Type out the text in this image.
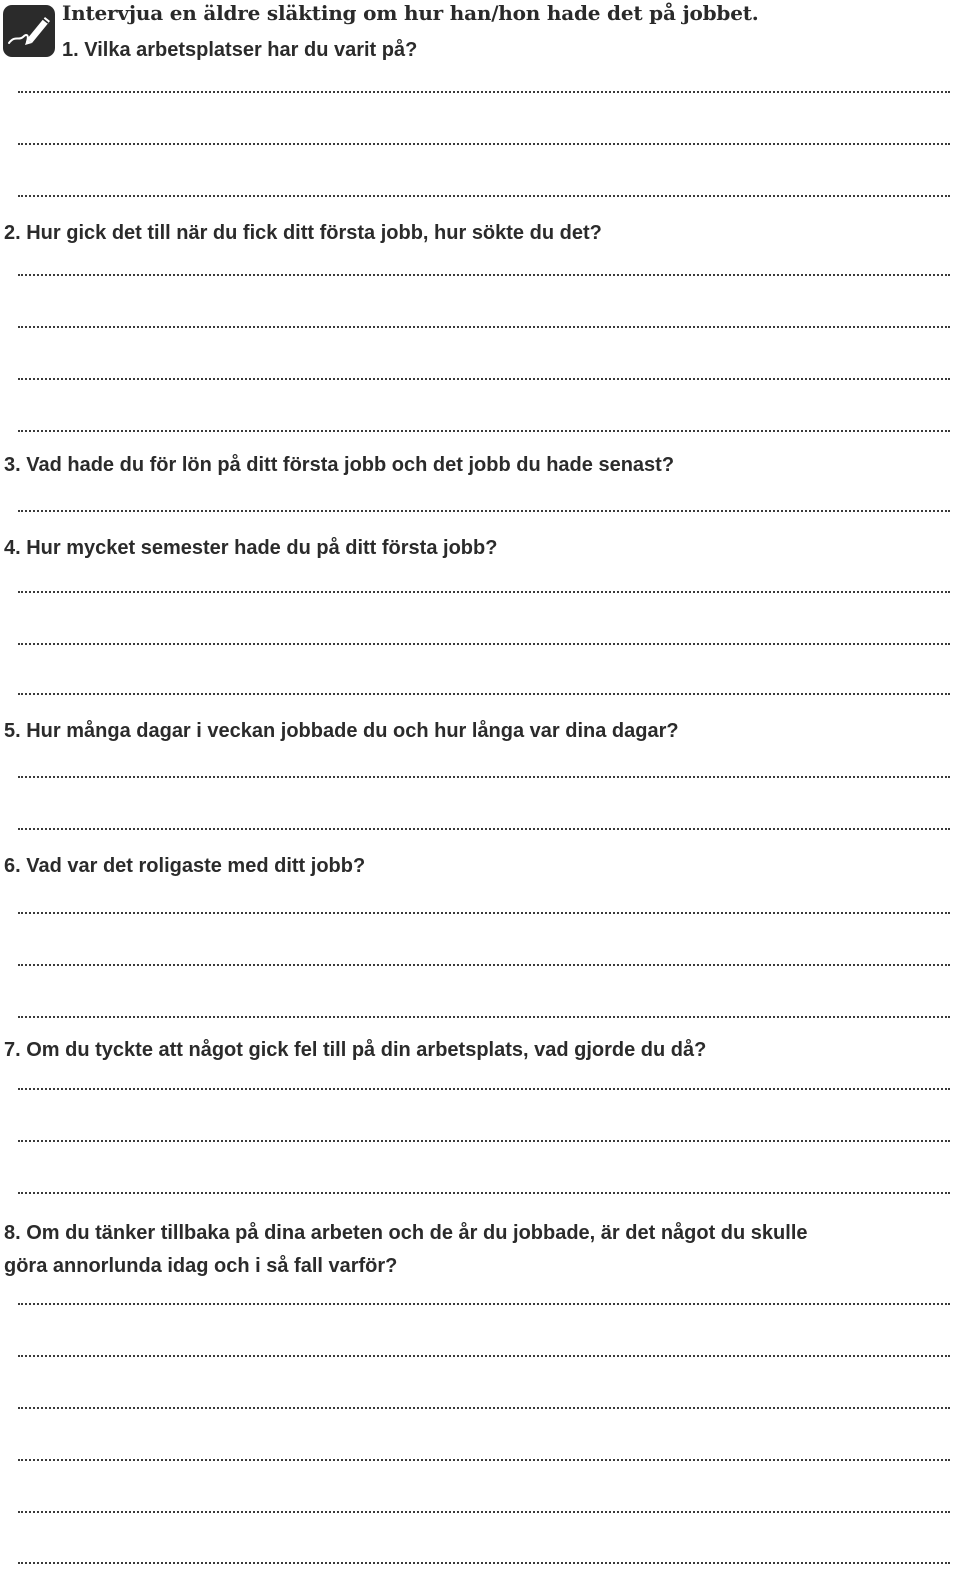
Intervjua en äldre släkting om hur han/hon hade det på jobbet.
1. Vilka arbetsplatser har du varit på?
2. Hur gick det till när du fick ditt första jobb, hur sökte du det?
3. Vad hade du för lön på ditt första jobb och det jobb du hade senast?
4. Hur mycket semester hade du på ditt första jobb?
5. Hur många dagar i veckan jobbade du och hur långa var dina dagar?
6. Vad var det roligaste med ditt jobb?
7. Om du tyckte att något gick fel till på din arbetsplats, vad gjorde du då?
8. Om du tänker tillbaka på dina arbeten och de år du jobbade, är det något du skulle
göra annorlunda idag och i så fall varför?
